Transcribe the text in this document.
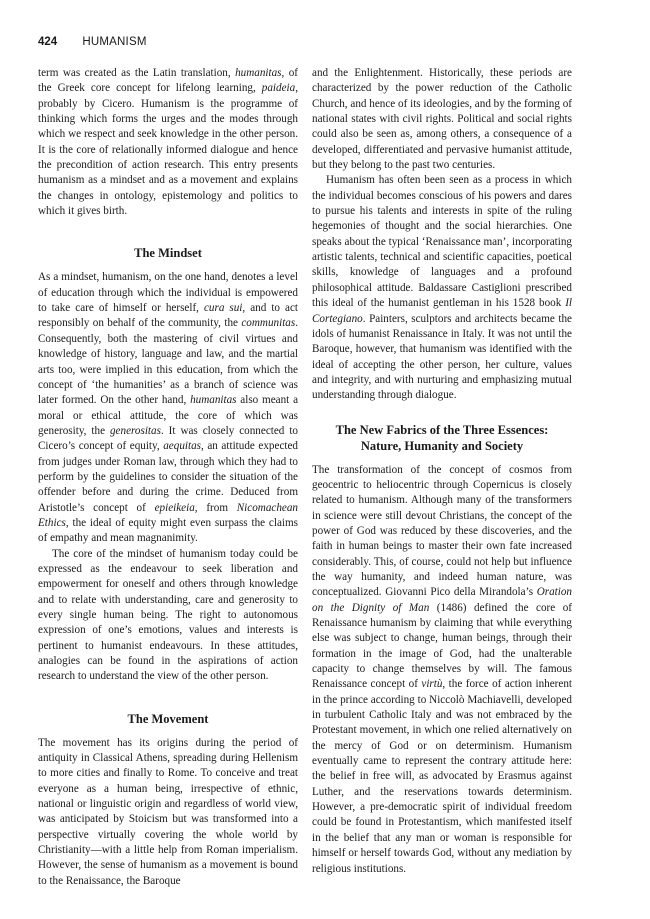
424 HUMANISM

term was created as the Latin translation, humanitas, of the Greek core concept for lifelong learning, paideia, probably by Cicero. Humanism is the programme of thinking which forms the urges and the modes through which we respect and seek knowledge in the other person. It is the core of relationally informed dialogue and hence the precondition of action research. This entry presents humanism as a mindset and as a movement and explains the changes in ontology, epistemology and politics to which it gives birth.

The Mindset

As a mindset, humanism, on the one hand, denotes a level of education through which the individual is empowered to take care of himself or herself, cura sui, and to act responsibly on behalf of the community, the communitas. Consequently, both the mastering of civil virtues and knowledge of history, language and law, and the martial arts too, were implied in this education, from which the concept of ‘the humanities’ as a branch of science was later formed. On the other hand, humanitas also meant a moral or ethical attitude, the core of which was generosity, the generositas. It was closely connected to Cicero’s concept of equity, aequitas, an attitude expected from judges under Roman law, through which they had to perform by the guidelines to consider the situation of the offender before and during the crime. Deduced from Aristotle’s concept of epieikeia, from Nicomachean Ethics, the ideal of equity might even surpass the claims of empathy and mean magnanimity.

The core of the mindset of humanism today could be expressed as the endeavour to seek liberation and empowerment for oneself and others through knowledge and to relate with understanding, care and generosity to every single human being. The right to autonomous expression of one’s emotions, values and interests is pertinent to humanist endeavours. In these attitudes, analogies can be found in the aspirations of action research to understand the view of the other person.

The Movement

The movement has its origins during the period of antiquity in Classical Athens, spreading during Hellenism to more cities and finally to Rome. To conceive and treat everyone as a human being, irrespective of ethnic, national or linguistic origin and regardless of world view, was anticipated by Stoicism but was transformed into a perspective virtually covering the whole world by Christianity—with a little help from Roman imperialism. However, the sense of humanism as a movement is bound to the Renaissance, the Baroque

and the Enlightenment. Historically, these periods are characterized by the power reduction of the Catholic Church, and hence of its ideologies, and by the forming of national states with civil rights. Political and social rights could also be seen as, among others, a consequence of a developed, differentiated and pervasive humanist attitude, but they belong to the past two centuries.

Humanism has often been seen as a process in which the individual becomes conscious of his powers and dares to pursue his talents and interests in spite of the ruling hegemonies of thought and the social hierarchies. One speaks about the typical ‘Renaissance man’, incorporating artistic talents, technical and scientific capacities, poetical skills, knowledge of languages and a profound philosophical attitude. Baldassare Castiglioni prescribed this ideal of the humanist gentleman in his 1528 book Il Cortegiano. Painters, sculptors and architects became the idols of humanist Renaissance in Italy. It was not until the Baroque, however, that humanism was identified with the ideal of accepting the other person, her culture, values and integrity, and with nurturing and emphasizing mutual understanding through dialogue.

The New Fabrics of the Three Essences:
Nature, Humanity and Society

The transformation of the concept of cosmos from geocentric to heliocentric through Copernicus is closely related to humanism. Although many of the transformers in science were still devout Christians, the concept of the power of God was reduced by these discoveries, and the faith in human beings to master their own fate increased considerably. This, of course, could not help but influence the way humanity, and indeed human nature, was conceptualized. Giovanni Pico della Mirandola’s Oration on the Dignity of Man (1486) defined the core of Renaissance humanism by claiming that while everything else was subject to change, human beings, through their formation in the image of God, had the unalterable capacity to change themselves by will. The famous Renaissance concept of virtù, the force of action inherent in the prince according to Niccolò Machiavelli, developed in turbulent Catholic Italy and was not embraced by the Protestant movement, in which one relied alternatively on the mercy of God or on determinism. Humanism eventually came to represent the contrary attitude here: the belief in free will, as advocated by Erasmus against Luther, and the reservations towards determinism. However, a pre-democratic spirit of individual freedom could be found in Protestantism, which manifested itself in the belief that any man or woman is responsible for himself or herself towards God, without any mediation by religious institutions.
